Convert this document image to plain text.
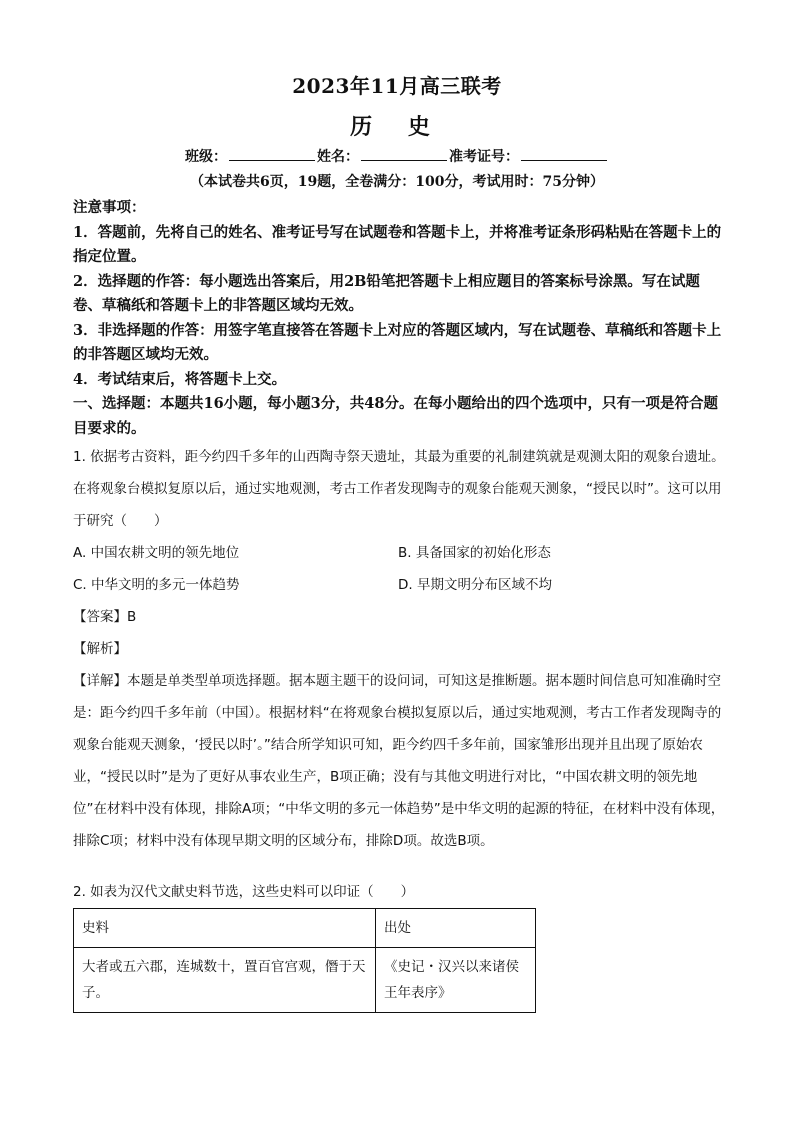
2023年11月高三联考
历 史
班级：	姓名：	准考证号：
（本试卷共6页，19题，全卷满分：100分，考试用时：75分钟）

注意事项：

1．答题前，先将自己的姓名、准考证号写在试题卷和答题卡上，并将准考证条形码粘贴在答题卡上的指定位置。

2．选择题的作答：每小题选出答案后，用2B铅笔把答题卡上相应题目的答案标号涂黑。写在试题卷、草稿纸和答题卡上的非答题区域均无效。

3．非选择题的作答：用签字笔直接答在答题卡上对应的答题区域内，写在试题卷、草稿纸和答题卡上的非答题区域均无效。

4．考试结束后，将答题卡上交。

一、选择题：本题共16小题，每小题3分，共48分。在每小题给出的四个选项中，只有一项是符合题目要求的。

1. 依据考古资料，距今约四千多年的山西陶寺祭天遗址，其最为重要的礼制建筑就是观测太阳的观象台遗址。在将观象台模拟复原以后，通过实地观测，考古工作者发现陶寺的观象台能观天测象，“授民以时”。这可以用于研究（　　）

A. 中国农耕文明的领先地位	B. 具备国家的初始化形态

C. 中华文明的多元一体趋势	D. 早期文明分布区域不均

【答案】B

【解析】

【详解】本题是单类型单项选择题。据本题主题干的设问词，可知这是推断题。据本题时间信息可知准确时空是：距今约四千多年前（中国）。根据材料“在将观象台模拟复原以后，通过实地观测，考古工作者发现陶寺的观象台能观天测象，‘授民以时’。”结合所学知识可知，距今约四千多年前，国家雏形出现并且出现了原始农业，“授民以时”是为了更好从事农业生产，B项正确；没有与其他文明进行对比，“中国农耕文明的领先地位”在材料中没有体现，排除A项；“中华文明的多元一体趋势”是中华文明的起源的特征，在材料中没有体现，排除C项；材料中没有体现早期文明的区域分布，排除D项。故选B项。

2. 如表为汉代文献史料节选，这些史料可以印证（　　）

史料	出处
大者或五六郡，连城数十，置百官宫观，僭于天子。	《史记・汉兴以来诸侯王年表序》
